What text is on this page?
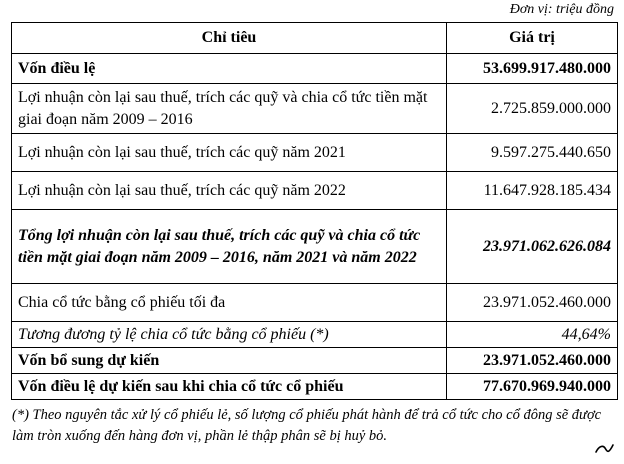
Đơn vị: triệu đồng
Chỉ tiêu	Giá trị
Vốn điều lệ	53.699.917.480.000
Lợi nhuận còn lại sau thuế, trích các quỹ và chia cổ tức tiền mặt giai đoạn năm 2009 – 2016	2.725.859.000.000
Lợi nhuận còn lại sau thuế, trích các quỹ năm 2021	9.597.275.440.650
Lợi nhuận còn lại sau thuế, trích các quỹ năm 2022	11.647.928.185.434
Tổng lợi nhuận còn lại sau thuế, trích các quỹ và chia cổ tức tiền mặt giai đoạn năm 2009 – 2016, năm 2021 và năm 2022	23.971.062.626.084
Chia cổ tức bằng cổ phiếu tối đa	23.971.052.460.000
Tương đương tỷ lệ chia cổ tức bằng cổ phiếu (*)	44,64%
Vốn bổ sung dự kiến	23.971.052.460.000
Vốn điều lệ dự kiến sau khi chia cổ tức cổ phiếu	77.670.969.940.000
(*) Theo nguyên tắc xử lý cổ phiếu lẻ, số lượng cổ phiếu phát hành để trả cổ tức cho cổ đông sẽ được làm tròn xuống đến hàng đơn vị, phần lẻ thập phân sẽ bị huỷ bỏ.
